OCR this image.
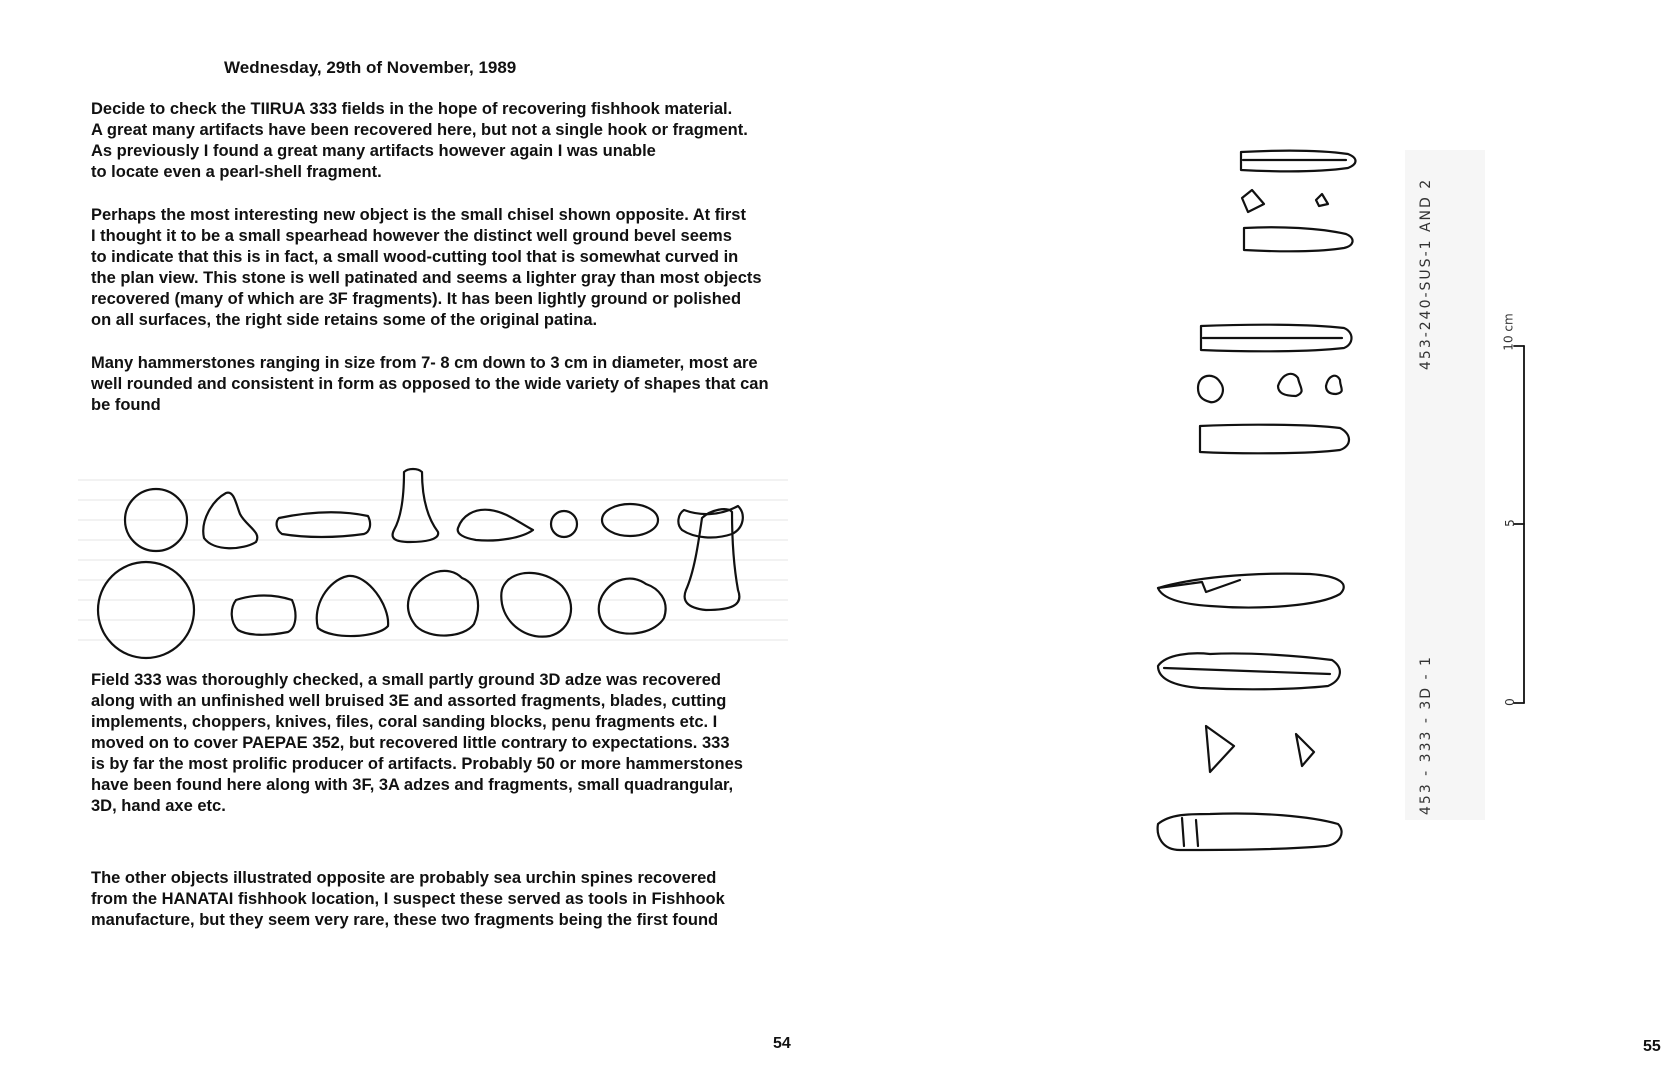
Wednesday, 29th of November, 1989
Decide to check the TIIRUA 333 fields in the hope of recovering fishhook material.
A great many artifacts have been recovered here, but not a single hook or fragment.
As previously I found a great many artifacts however again I was unable
to locate even a pearl-shell fragment.
Perhaps the most interesting new object is the small chisel shown opposite. At first
I thought it to be a small spearhead however the distinct well ground bevel seems
to indicate that this is in fact, a small wood-cutting tool that is somewhat curved in
the plan view. This stone is well patinated and seems a lighter gray than most objects
recovered (many of which are 3F fragments). It has been lightly ground or polished
on all surfaces, the right side retains some of the original patina.
Many hammerstones ranging in size from 7- 8 cm down to 3 cm in diameter, most are
well rounded and consistent in form as opposed to the wide variety of shapes that can
be found
Field 333 was thoroughly checked, a small partly ground 3D adze was recovered
along with an unfinished well bruised 3E and assorted fragments, blades, cutting
implements, choppers, knives, files, coral sanding blocks, penu fragments etc. I
moved on to cover PAEPAE 352, but recovered little contrary to expectations. 333
is by far the most prolific producer of artifacts. Probably 50 or more hammerstones
have been found here along with 3F, 3A adzes and fragments, small quadrangular,
3D, hand axe etc.
The other objects illustrated opposite are probably sea urchin spines recovered
from the HANATAI fishhook location, I suspect these served as tools in Fishhook
manufacture, but they seem very rare, these two fragments being the first found
54
453-240-SUS-1 AND 2
453 - 333 - 3D - 1
10 cm
5
0
55
